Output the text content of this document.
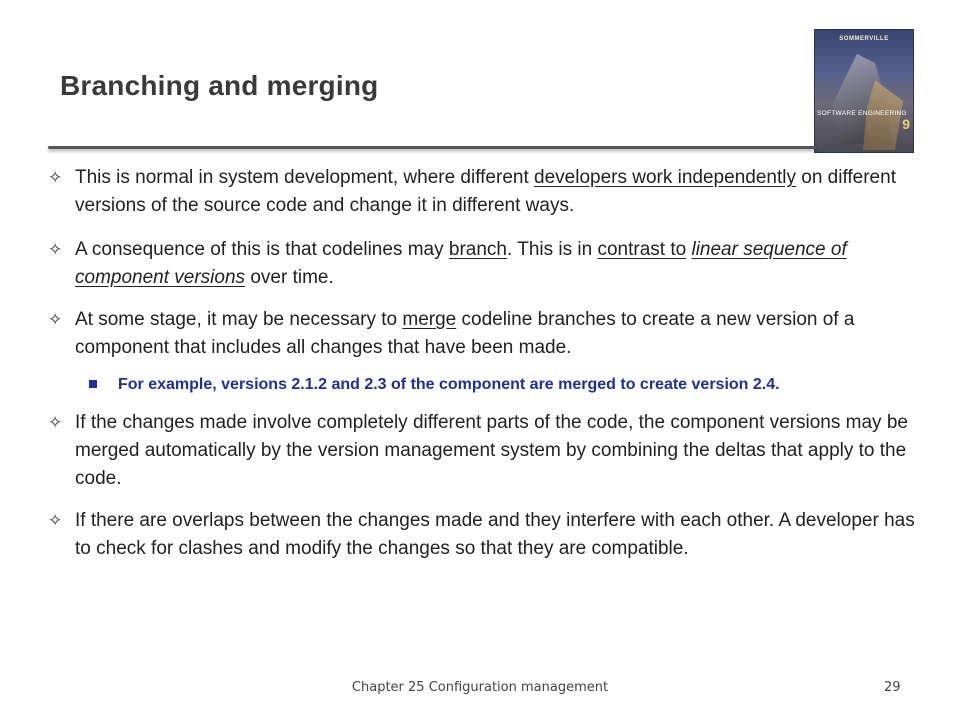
Branching and merging
SOMMERVILLE
SOFTWARE ENGINEERING
9
✧ This is normal in system development, where different developers work independently on different versions of the source code and change it in different ways.
✧ A consequence of this is that codelines may branch. This is in contrast to linear sequence of component versions over time.
✧ At some stage, it may be necessary to merge codeline branches to create a new version of a component that includes all changes that have been made.
For example, versions 2.1.2 and 2.3 of the component are merged to create version 2.4.
✧ If the changes made involve completely different parts of the code, the component versions may be merged automatically by the version management system by combining the deltas that apply to the code.
✧ If there are overlaps between the changes made and they interfere with each other. A developer has to check for clashes and modify the changes so that they are compatible.
Chapter 25 Configuration management	29
